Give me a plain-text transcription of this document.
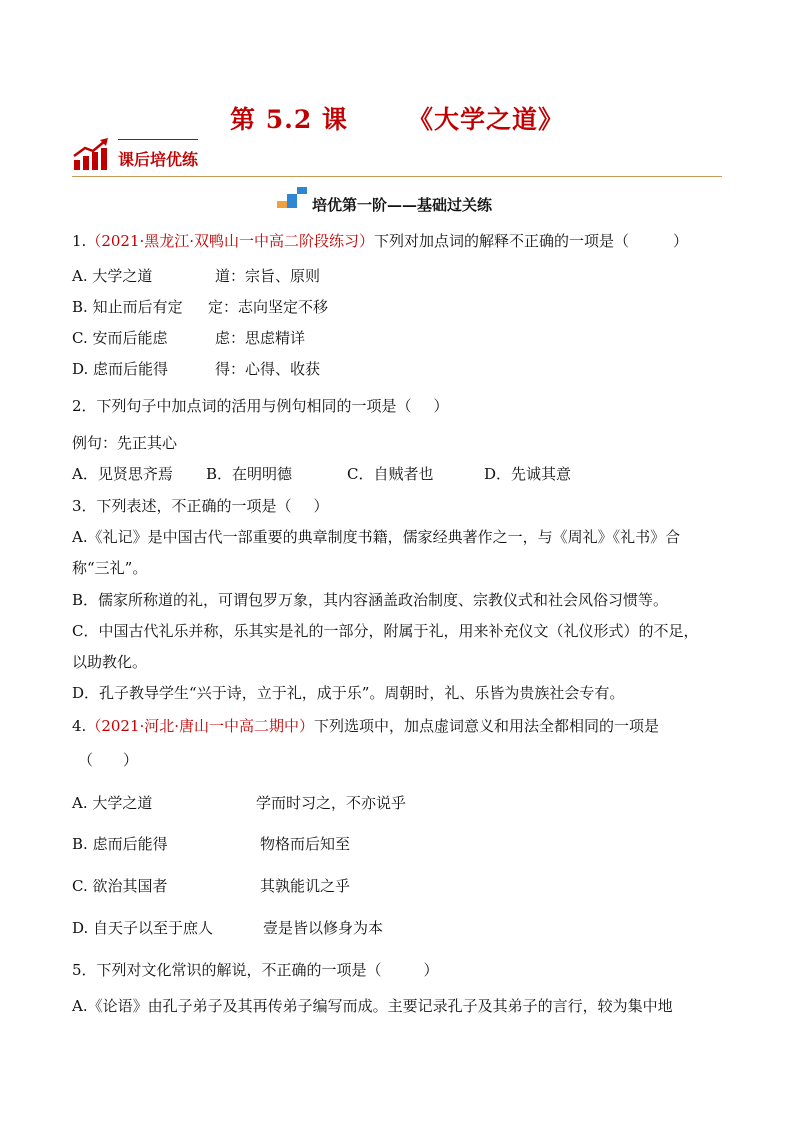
第 5.2 课 《大学之道》
课后培优练
培优第一阶——基础过关练
1.（2021·黑龙江·双鸭山一中高二阶段练习）下列对加点词的解释不正确的一项是（	）
A. 大学之道	道：宗旨、原则
B. 知止而后有定 定：志向坚定不移
C. 安而后能虑	虑：思虑精详
D. 虑而后能得	得：心得、收获
2．下列句子中加点词的活用与例句相同的一项是（ ）
例句：先正其心
A．见贤思齐焉 B．在明明德	C．自贼者也	D．先诚其意
3．下列表述，不正确的一项是（ ）
A.《礼记》是中国古代一部重要的典章制度书籍，儒家经典著作之一，与《周礼》《礼书》合
称“三礼”。
B．儒家所称道的礼，可谓包罗万象，其内容涵盖政治制度、宗教仪式和社会风俗习惯等。
C．中国古代礼乐并称，乐其实是礼的一部分，附属于礼，用来补充仪文（礼仪形式）的不足，
以助教化。
D．孔子教导学生“兴于诗，立于礼，成于乐”。周朝时，礼、乐皆为贵族社会专有。
4.（2021·河北·唐山一中高二期中）下列选项中，加点虚词意义和用法全都相同的一项是
（ ）
A. 大学之道	学而时习之，不亦说乎
B. 虑而后能得	物格而后知至
C. 欲治其国者	其孰能讥之乎
D. 自天子以至于庶人	壹是皆以修身为本
5．下列对文化常识的解说，不正确的一项是（	）
A.《论语》由孔子弟子及其再传弟子编写而成。主要记录孔子及其弟子的言行，较为集中地
